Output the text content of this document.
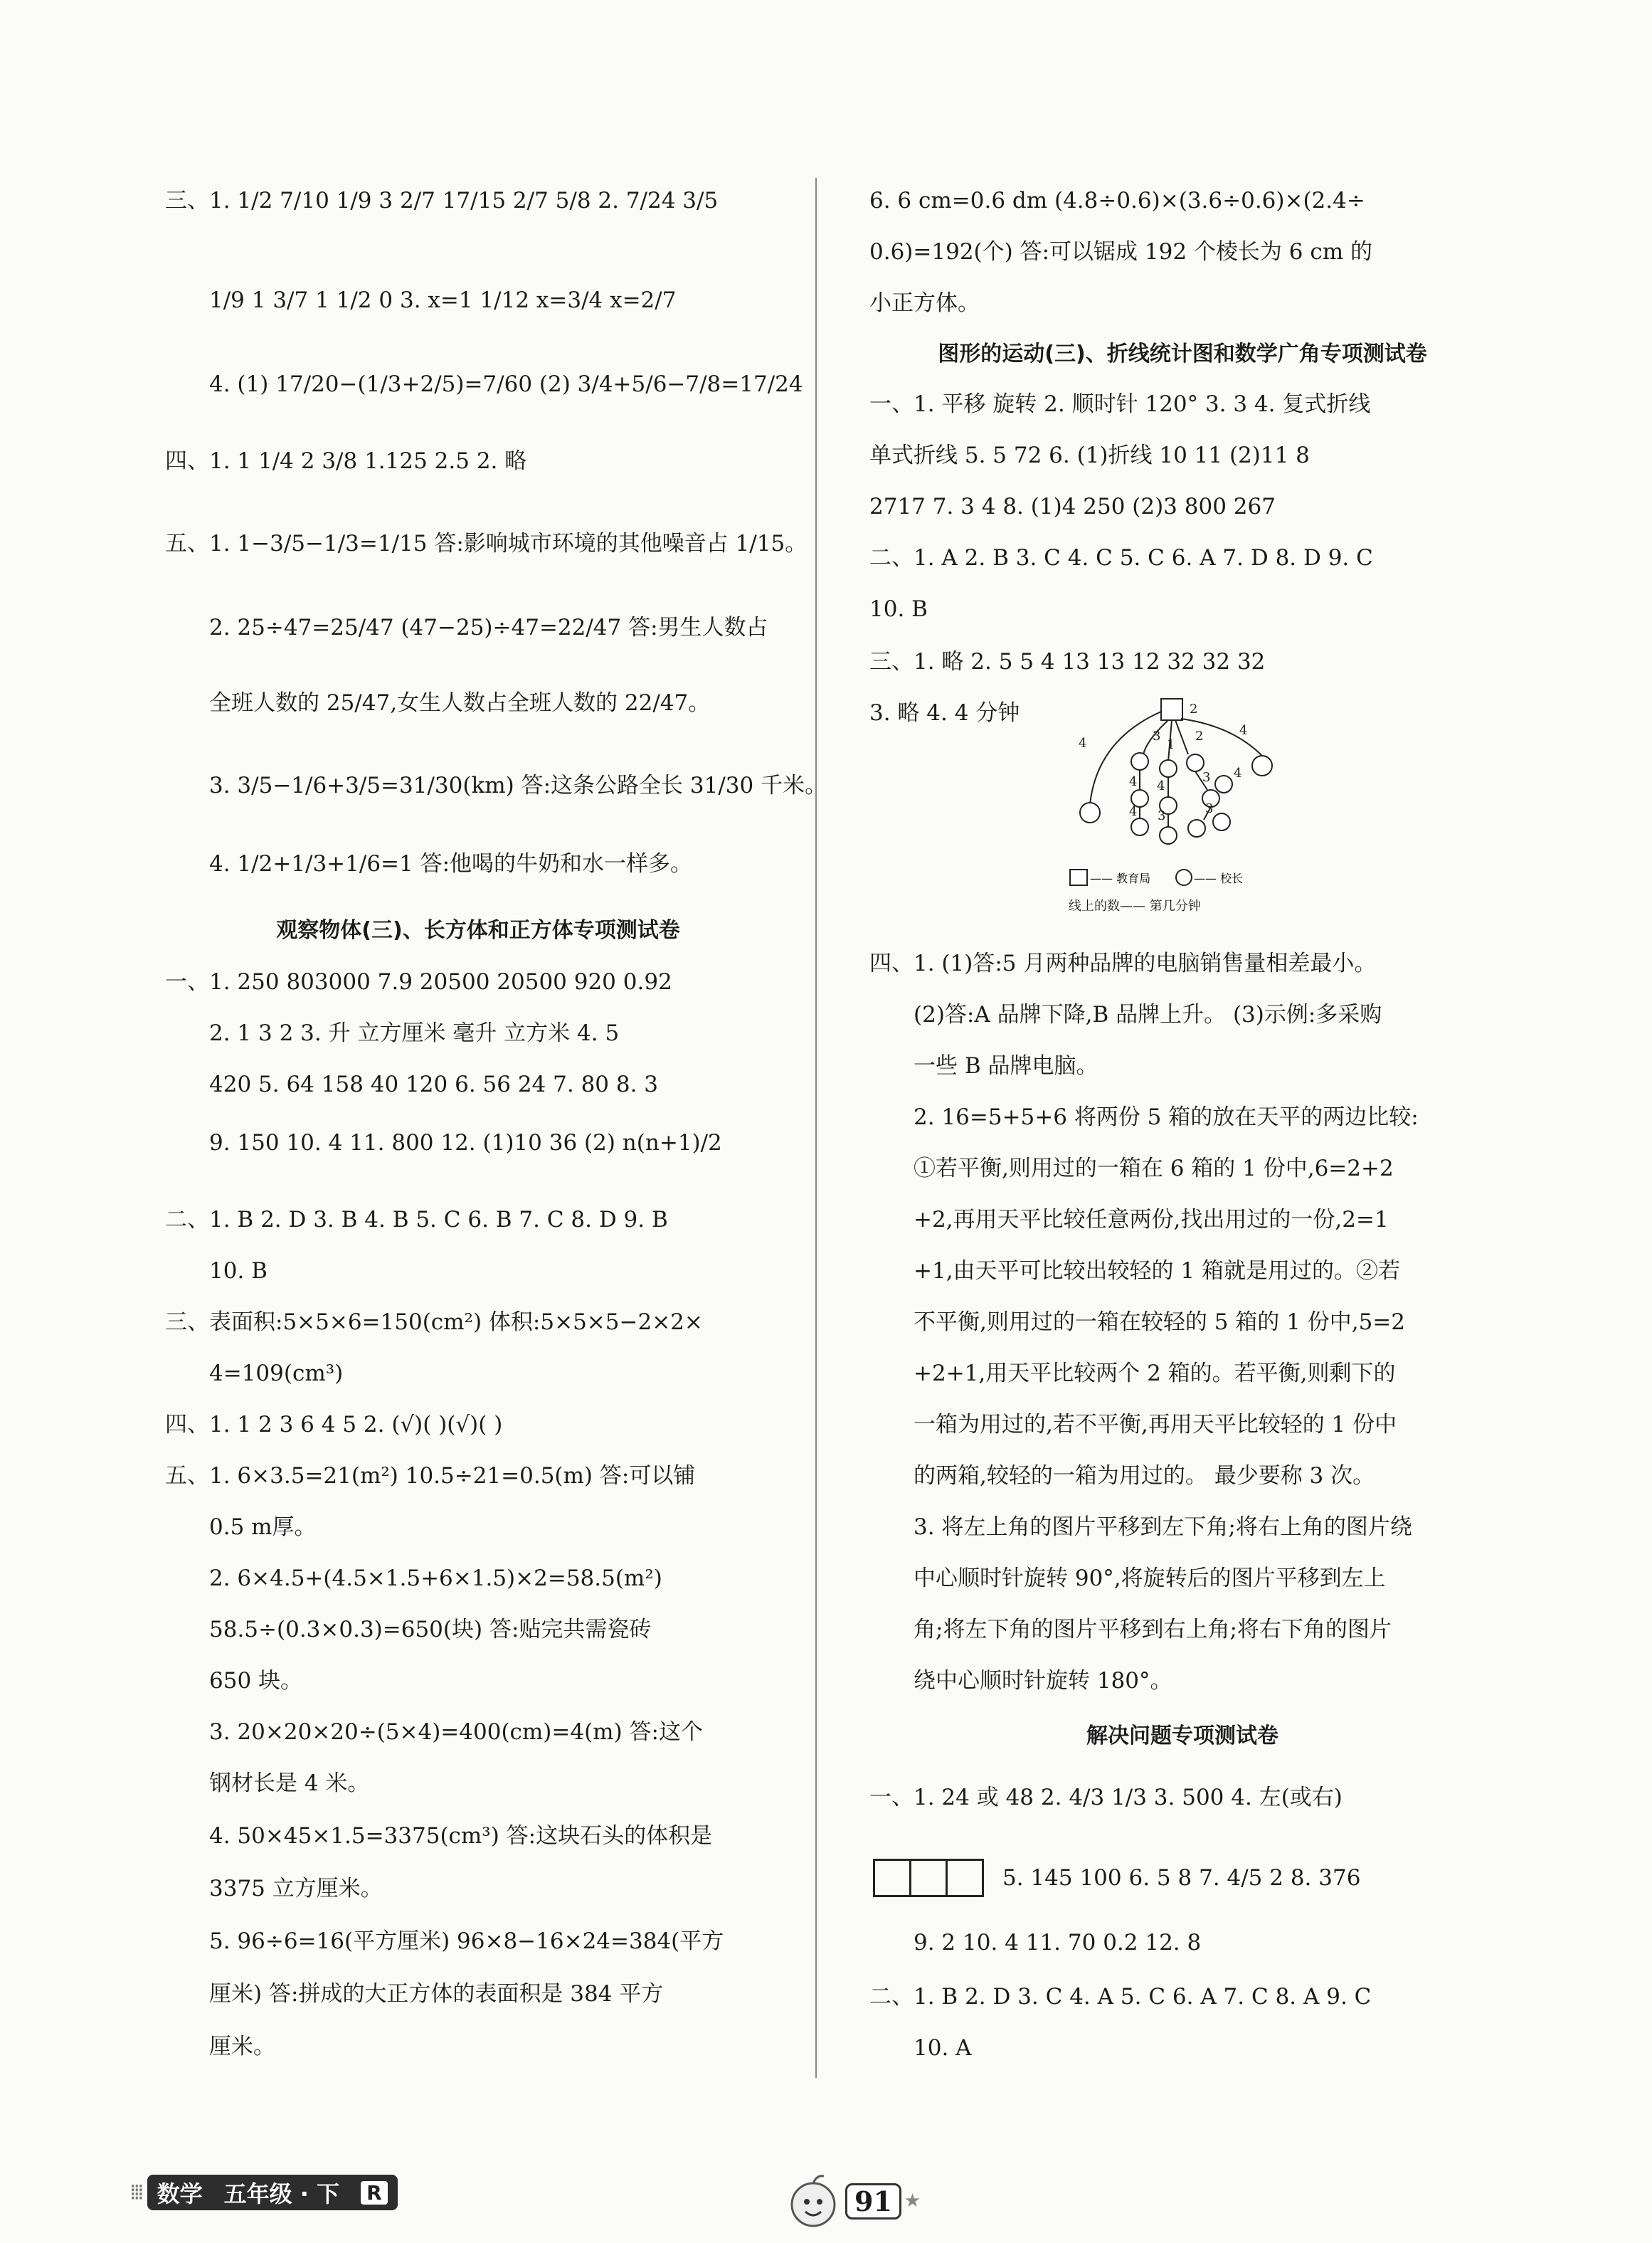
三、1. 1/2 7/10 1/9 3 2/7 17/15 2/7 5/8 2. 7/24 3/5
1/9 1 3/7 1 1/2 0 3. x=1 1/12 x=3/4 x=2/7
4. (1) 17/20−(1/3+2/5)=7/60 (2) 3/4+5/6−7/8=17/24
四、1. 1 1/4 2 3/8 1.125 2.5 2. 略
五、1. 1−3/5−1/3=1/15 答:影响城市环境的其他噪音占 1/15。
2. 25÷47=25/47 (47−25)÷47=22/47 答:男生人数占
全班人数的 25/47,女生人数占全班人数的 22/47。
3. 3/5−1/6+3/5=31/30(km) 答:这条公路全长 31/30 千米。
4. 1/2+1/3+1/6=1 答:他喝的牛奶和水一样多。
观察物体(三)、长方体和正方体专项测试卷
一、1. 250 803000 7.9 20500 20500 920 0.92
2. 1 3 2 3. 升 立方厘米 毫升 立方米 4. 5
420 5. 64 158 40 120 6. 56 24 7. 80 8. 3
9. 150 10. 4 11. 800 12. (1)10 36 (2) n(n+1)/2
二、1. B 2. D 3. B 4. B 5. C 6. B 7. C 8. D 9. B
10. B
三、表面积:5×5×6=150(cm²) 体积:5×5×5−2×2×
4=109(cm³)
四、1. 1 2 3 6 4 5 2. (√)( )(√)( )
五、1. 6×3.5=21(m²) 10.5÷21=0.5(m) 答:可以铺
0.5 m厚。
2. 6×4.5+(4.5×1.5+6×1.5)×2=58.5(m²)
58.5÷(0.3×0.3)=650(块) 答:贴完共需瓷砖
650 块。
3. 20×20×20÷(5×4)=400(cm)=4(m) 答:这个
钢材长是 4 米。
4. 50×45×1.5=3375(cm³) 答:这块石头的体积是
3375 立方厘米。
5. 96÷6=16(平方厘米) 96×8−16×24=384(平方
厘米) 答:拼成的大正方体的表面积是 384 平方
厘米。
6. 6 cm=0.6 dm (4.8÷0.6)×(3.6÷0.6)×(2.4÷
0.6)=192(个) 答:可以锯成 192 个棱长为 6 cm 的
小正方体。
图形的运动(三)、折线统计图和数学广角专项测试卷
一、1. 平移 旋转 2. 顺时针 120° 3. 3 4. 复式折线
单式折线 5. 5 72 6. (1)折线 10 11 (2)11 8
2717 7. 3 4 8. (1)4 250 (2)3 800 267
二、1. A 2. B 3. C 4. C 5. C 6. A 7. D 8. D 9. C
10. B
三、1. 略 2. 5 5 4 13 13 12 32 32 32
3. 略 4. 4 分钟
4
2
3
1
2	4
4 4
3 4
4 3	3
—— 教育局	—— 校长
线上的数—— 第几分钟
四、1. (1)答:5 月两种品牌的电脑销售量相差最小。
(2)答:A 品牌下降,B 品牌上升。 (3)示例:多采购
一些 B 品牌电脑。
2. 16=5+5+6 将两份 5 箱的放在天平的两边比较:
①若平衡,则用过的一箱在 6 箱的 1 份中,6=2+2
+2,再用天平比较任意两份,找出用过的一份,2=1
+1,由天平可比较出较轻的 1 箱就是用过的。②若
不平衡,则用过的一箱在较轻的 5 箱的 1 份中,5=2
+2+1,用天平比较两个 2 箱的。若平衡,则剩下的
一箱为用过的,若不平衡,再用天平比较轻的 1 份中
的两箱,较轻的一箱为用过的。 最少要称 3 次。
3. 将左上角的图片平移到左下角;将右上角的图片绕
中心顺时针旋转 90°,将旋转后的图片平移到左上
角;将左下角的图片平移到右上角;将右下角的图片
绕中心顺时针旋转 180°。
解决问题专项测试卷
一、1. 24 或 48 2. 4/3 1/3 3. 500 4. 左(或右)
5. 145 100 6. 5 8 7. 4/5 2 8. 376
9. 2 10. 4 11. 70 0.2 12. 8
二、1. B 2. D 3. C 4. A 5. C 6. A 7. C 8. A 9. C
10. A
⁞⁞⁞ 数学 五年级 · 下 R	91 ★
